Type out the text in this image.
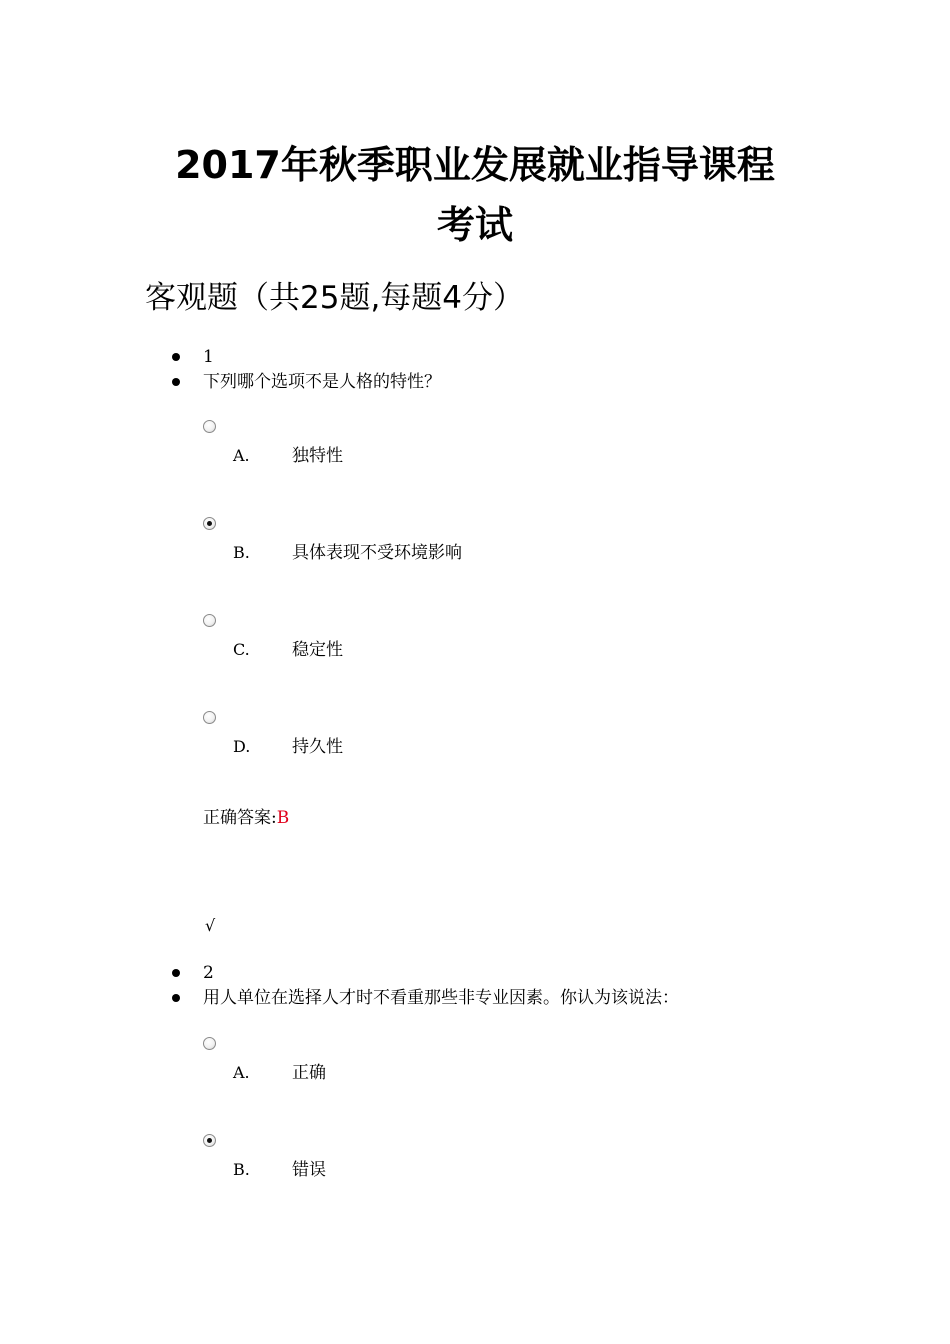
2017年秋季职业发展就业指导课程
考试
客观题（共25题,每题4分）
1
下列哪个选项不是人格的特性？
A. 独特性
B. 具体表现不受环境影响
C. 稳定性
D. 持久性
正确答案:B
√
2
用人单位在选择人才时不看重那些非专业因素。你认为该说法：
A. 正确
B. 错误
